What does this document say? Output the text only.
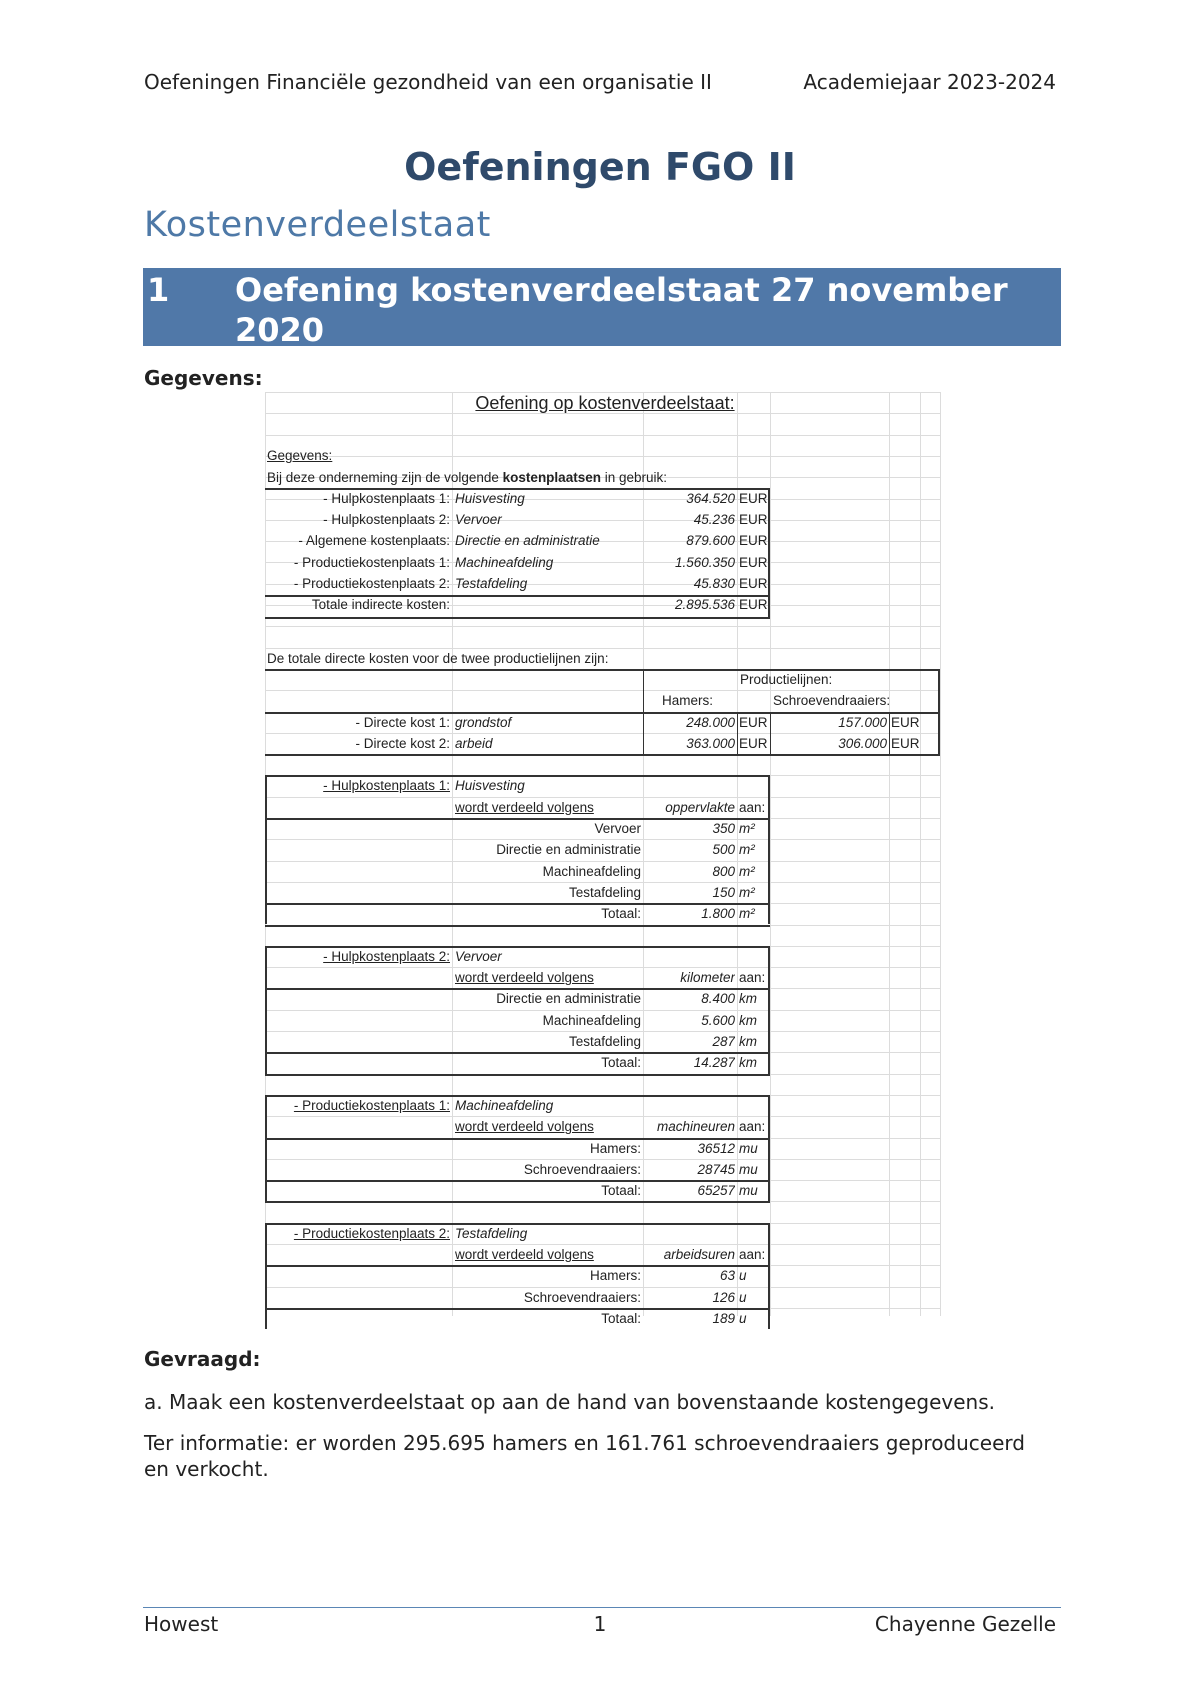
Oefeningen Financiële gezondheid van een organisatie II	Academiejaar 2023-2024
Oefeningen FGO II
Kostenverdeelstaat
1	Oefening kostenverdeelstaat 27 november
2020
Gegevens:
Oefening op kostenverdeelstaat:
Gegevens:
Bij deze onderneming zijn de volgende kostenplaatsen in gebruik:
- Hulpkostenplaats 1: Huisvesting	364.520 EUR
- Hulpkostenplaats 2: Vervoer	45.236 EUR
- Algemene kostenplaats: Directie en administratie	879.600 EUR
- Productiekostenplaats 1: Machineafdeling	1.560.350 EUR
- Productiekostenplaats 2: Testafdeling	45.830 EUR
Totale indirecte kosten:	2.895.536 EUR
De totale directe kosten voor de twee productielijnen zijn:
Productielijnen:
Hamers:	Schroevendraaiers:
- Directe kost 1: grondstof	248.000 EUR	157.000 EUR
- Directe kost 2: arbeid	363.000 EUR	306.000 EUR
- Hulpkostenplaats 1: Huisvesting
wordt verdeeld volgens	oppervlakte aan:
Vervoer	350 m²
Directie en administratie	500 m²
Machineafdeling	800 m²
Testafdeling	150 m²
Totaal:	1.800 m²
- Hulpkostenplaats 2: Vervoer
wordt verdeeld volgens	kilometer aan:
Directie en administratie	8.400 km
Machineafdeling	5.600 km
Testafdeling	287 km
Totaal:	14.287 km
- Productiekostenplaats 1: Machineafdeling
wordt verdeeld volgens	machineuren aan:
Hamers:	36512 mu
Schroevendraaiers:	28745 mu
Totaal:	65257 mu
- Productiekostenplaats 2: Testafdeling
wordt verdeeld volgens	arbeidsuren aan:
Hamers:	63 u
Schroevendraaiers:	126 u
Totaal:	189 u
Gevraagd:
a. Maak een kostenverdeelstaat op aan de hand van bovenstaande kostengegevens.
Ter informatie: er worden 295.695 hamers en 161.761 schroevendraaiers geproduceerd en verkocht.
Howest	1	Chayenne Gezelle
